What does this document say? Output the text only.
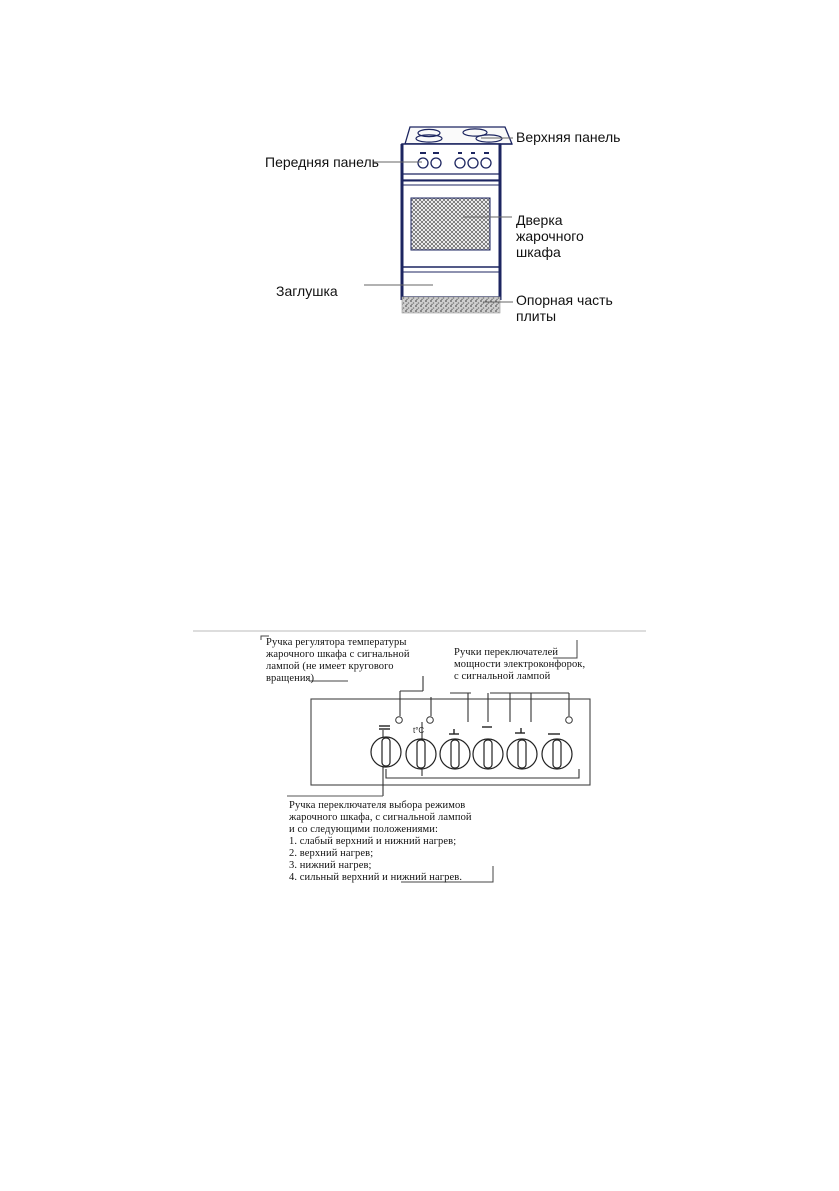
Верхняя панель
Передняя панель
Дверка
жарочного
шкафа
Заглушка
Опорная часть
плиты
t°C
Ручка регулятора температуры
жарочного шкафа с сигнальной
лампой (не имеет кругового
вращения)
Ручки переключателей
мощности электроконфорок,
с сигнальной лампой
Ручка переключателя выбора режимов
жарочного шкафа, с сигнальной лампой
и со следующими положениями:
1. слабый верхний и нижний нагрев;
2. верхний нагрев;
3. нижний нагрев;
4. сильный верхний и нижний нагрев.
